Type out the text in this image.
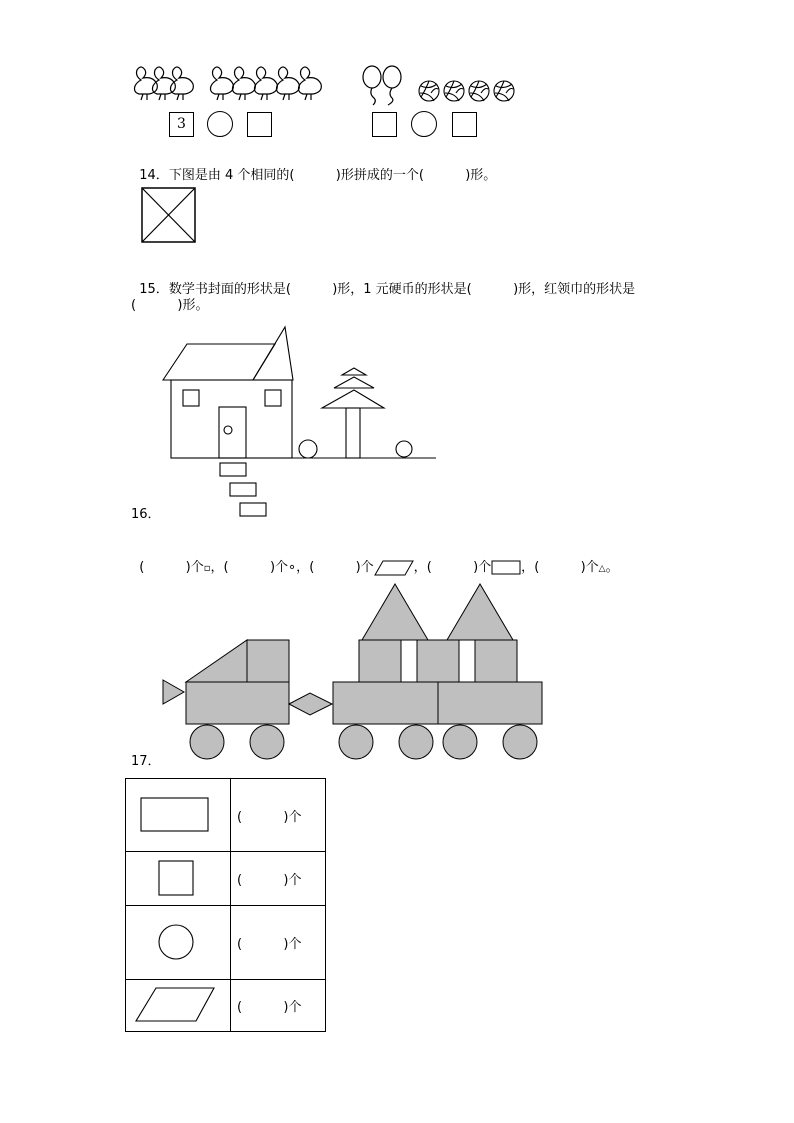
3

14．下图是由 4 个相同的(          )形拼成的一个(          )形。

15．数学书封面的形状是(          )形，1 元硬币的形状是(          )形，红领巾的形状是

(          )形。
16．

(          )个▫，(          )个∘，(          )个	，(          )个 ，(          )个△。

17．
	(          )个

	(          )个

	(          )个

	(          )个
